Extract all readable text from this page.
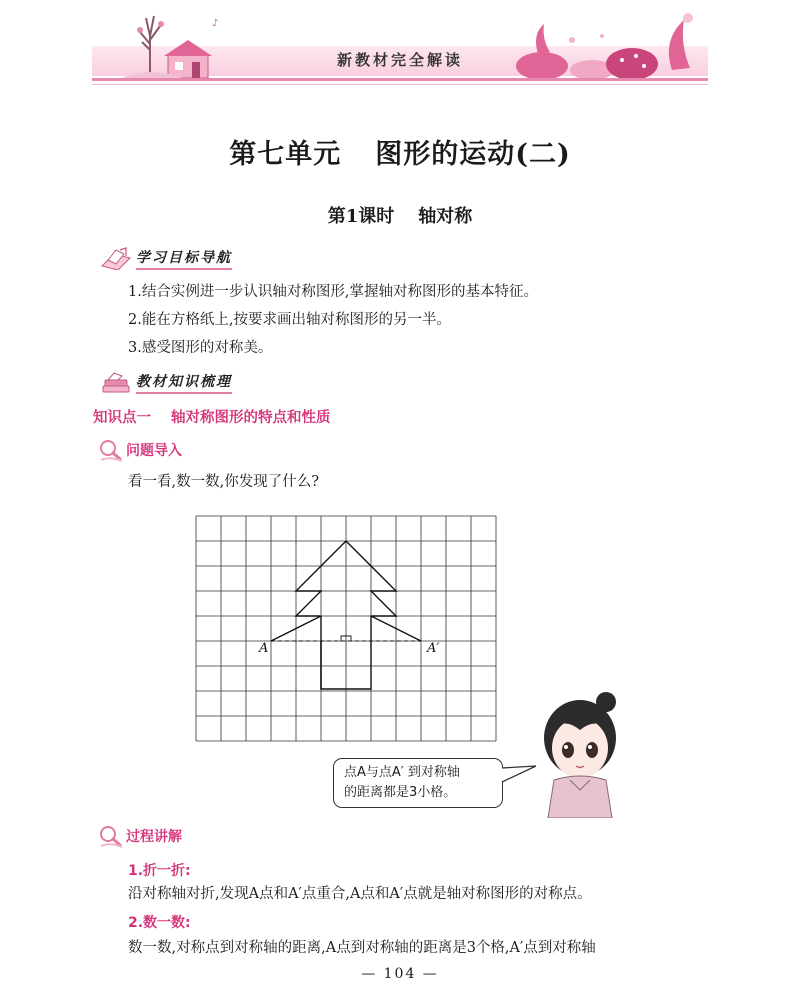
♪
新教材完全解读
第七单元 图形的运动(二)
第1课时 轴对称
学习目标导航
1.结合实例进一步认识轴对称图形,掌握轴对称图形的基本特征。
2.能在方格纸上,按要求画出轴对称图形的另一半。
3.感受图形的对称美。
教材知识梳理
知识点一 轴对称图形的特点和性质
问题导入
看一看,数一数,你发现了什么?
A	A′
点A与点A′ 到对称轴
的距离都是3小格。
过程讲解
1.折一折:
沿对称轴对折,发现A点和A′点重合,A点和A′点就是轴对称图形的对称点。
2.数一数:
数一数,对称点到对称轴的距离,A点到对称轴的距离是3个格,A′点到对称轴
— 104 —
